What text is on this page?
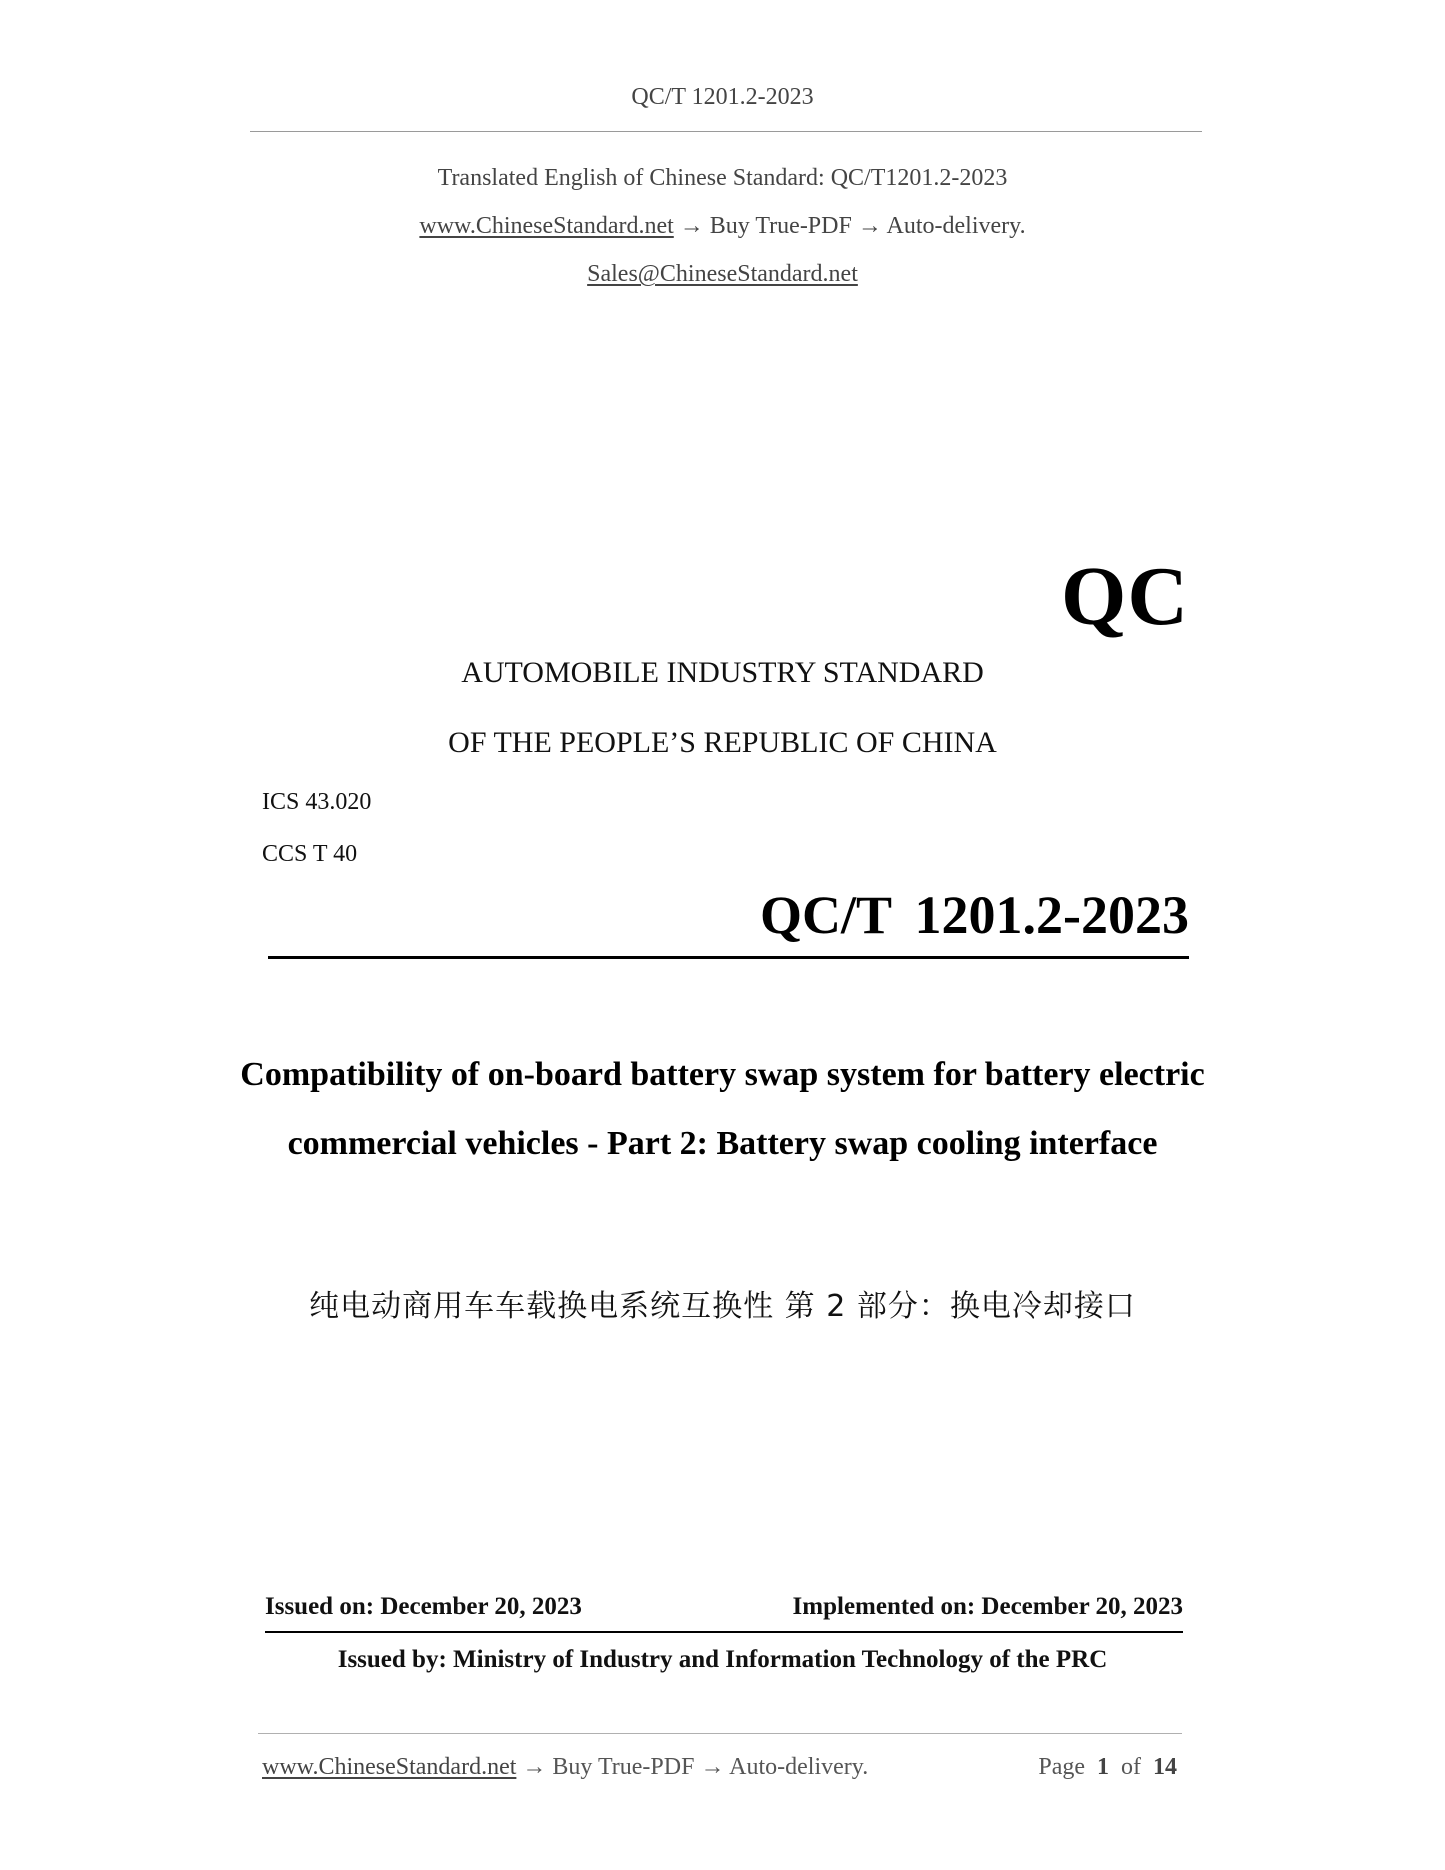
QC/T 1201.2-2023
Translated English of Chinese Standard: QC/T1201.2-2023
www.ChineseStandard.net → Buy True-PDF → Auto-delivery.
Sales@ChineseStandard.net
QC
AUTOMOBILE INDUSTRY STANDARD
OF THE PEOPLE’S REPUBLIC OF CHINA
ICS 43.020
CCS T 40
QC/T 1201.2-2023
Compatibility of on-board battery swap system for battery electric commercial vehicles - Part 2: Battery swap cooling interface
纯电动商用车车载换电系统互换性 第 2 部分：换电冷却接口
Issued on: December 20, 2023	Implemented on: December 20, 2023
Issued by: Ministry of Industry and Information Technology of the PRC
www.ChineseStandard.net → Buy True-PDF → Auto-delivery.	Page 1 of 14
